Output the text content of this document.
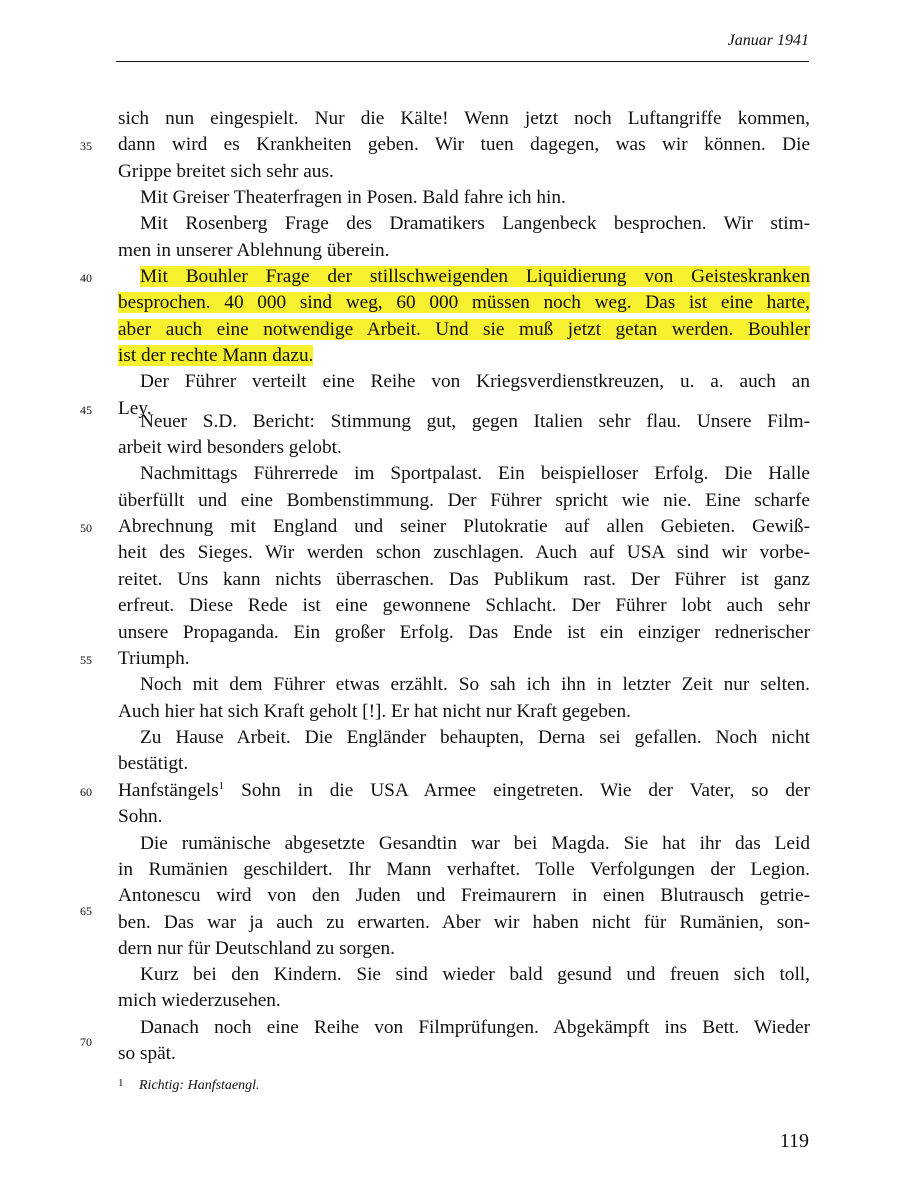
Januar 1941
35
40
45
50
55
60
65
70
sich nun eingespielt. Nur die Kälte! Wenn jetzt noch Luftangriffe kommen,
dann wird es Krankheiten geben. Wir tuen dagegen, was wir können. Die
Grippe breitet sich sehr aus.
Mit Greiser Theaterfragen in Posen. Bald fahre ich hin.
Mit Rosenberg Frage des Dramatikers Langenbeck besprochen. Wir stim-
men in unserer Ablehnung überein.
Mit Bouhler Frage der stillschweigenden Liquidierung von Geisteskranken
besprochen. 40 000 sind weg, 60 000 müssen noch weg. Das ist eine harte,
aber auch eine notwendige Arbeit. Und sie muß jetzt getan werden. Bouhler
ist der rechte Mann dazu.
Der Führer verteilt eine Reihe von Kriegsverdienstkreuzen, u. a. auch an
Ley.
Neuer S.D. Bericht: Stimmung gut, gegen Italien sehr flau. Unsere Film-
arbeit wird besonders gelobt.
Nachmittags Führerrede im Sportpalast. Ein beispielloser Erfolg. Die Halle
überfüllt und eine Bombenstimmung. Der Führer spricht wie nie. Eine scharfe
Abrechnung mit England und seiner Plutokratie auf allen Gebieten. Gewiß-
heit des Sieges. Wir werden schon zuschlagen. Auch auf USA sind wir vorbe-
reitet. Uns kann nichts überraschen. Das Publikum rast. Der Führer ist ganz
erfreut. Diese Rede ist eine gewonnene Schlacht. Der Führer lobt auch sehr
unsere Propaganda. Ein großer Erfolg. Das Ende ist ein einziger rednerischer
Triumph.
Noch mit dem Führer etwas erzählt. So sah ich ihn in letzter Zeit nur selten.
Auch hier hat sich Kraft geholt [!]. Er hat nicht nur Kraft gegeben.
Zu Hause Arbeit. Die Engländer behaupten, Derna sei gefallen. Noch nicht
bestätigt.
Hanfstängels$^1$ Sohn in die USA Armee eingetreten. Wie der Vater, so der
Sohn.
Die rumänische abgesetzte Gesandtin war bei Magda. Sie hat ihr das Leid
in Rumänien geschildert. Ihr Mann verhaftet. Tolle Verfolgungen der Legion.
Antonescu wird von den Juden und Freimaurern in einen Blutrausch getrie-
ben. Das war ja auch zu erwarten. Aber wir haben nicht für Rumänien, son-
dern nur für Deutschland zu sorgen.
Kurz bei den Kindern. Sie sind wieder bald gesund und freuen sich toll,
mich wiederzusehen.
Danach noch eine Reihe von Filmprüfungen. Abgekämpft ins Bett. Wieder
so spät.
$^1$ Richtig: Hanfstaengl.
119
